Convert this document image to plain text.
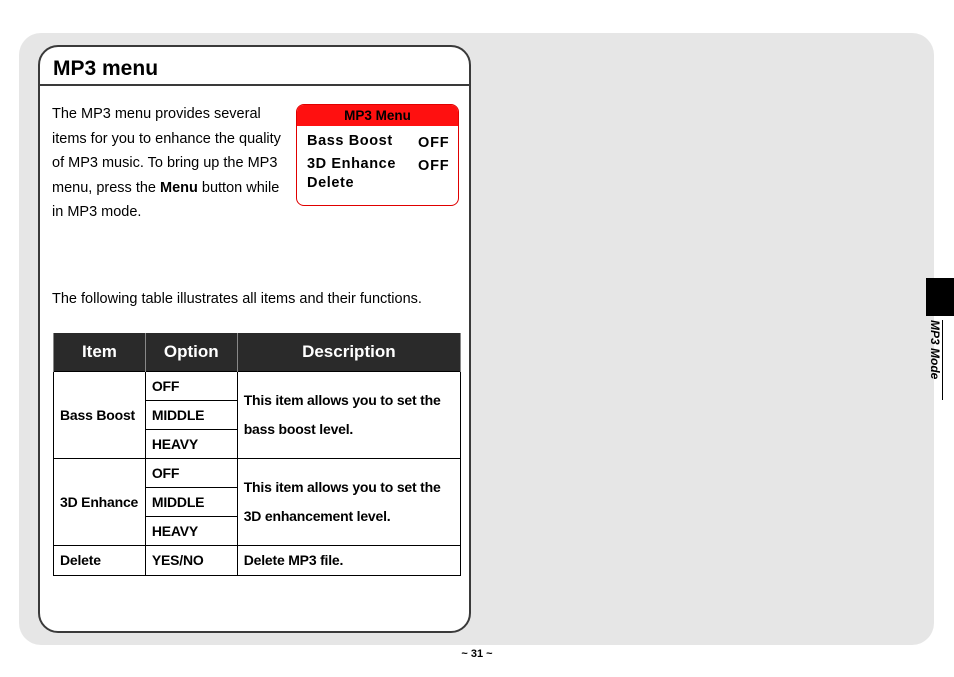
MP3 menu

The MP3 menu provides several items for you to enhance the quality of MP3 music. To bring up the MP3 menu, press the Menu button while in MP3 mode.

MP3 Menu
Bass Boost OFF
3D Enhance OFF
Delete

The following table illustrates all items and their functions.

Item	Option	Description
Bass Boost	OFF	This item allows you to set the bass boost level.
	MIDDLE	
	HEAVY	
3D Enhance	OFF	This item allows you to set the 3D enhancement level.
	MIDDLE	
	HEAVY	
Delete	YES/NO	Delete MP3 file.
MP3 Mode
~ 31 ~
